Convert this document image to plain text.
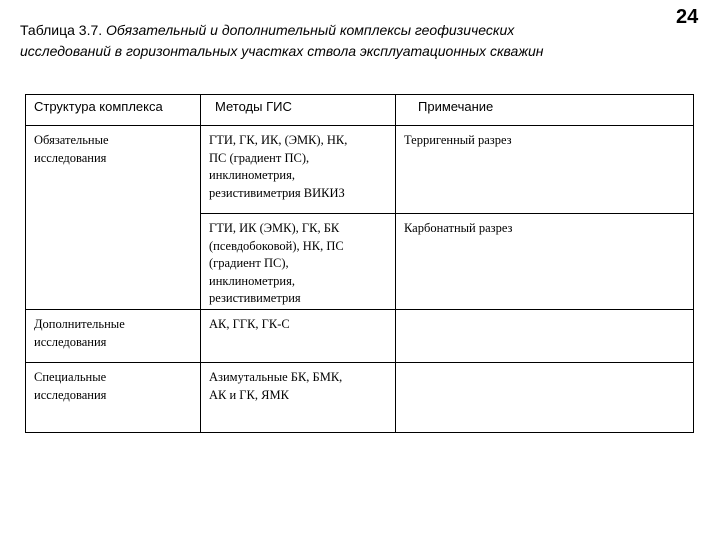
24
Таблица 3.7. Обязательный и дополнительный комплексы геофизических
исследований в горизонтальных участках ствола эксплуатационных скважин
Структура комплекса	Методы ГИС	Примечание

Обязательные
исследования	ГТИ, ГК, ИК, (ЭМК), НК,
ПС (градиент ПС),
инклинометрия,
резистивиметрия ВИКИЗ	Терригенный разрез

	ГТИ, ИК (ЭМК), ГК, БК
(псевдобоковой), НК, ПС
(градиент ПС),
инклинометрия,
резистивиметрия	Карбонатный разрез

Дополнительные
исследования	АК, ГГК, ГК-С	

Специальные
исследования	Азимутальные БК, БМК,
АК и ГК, ЯМК	
